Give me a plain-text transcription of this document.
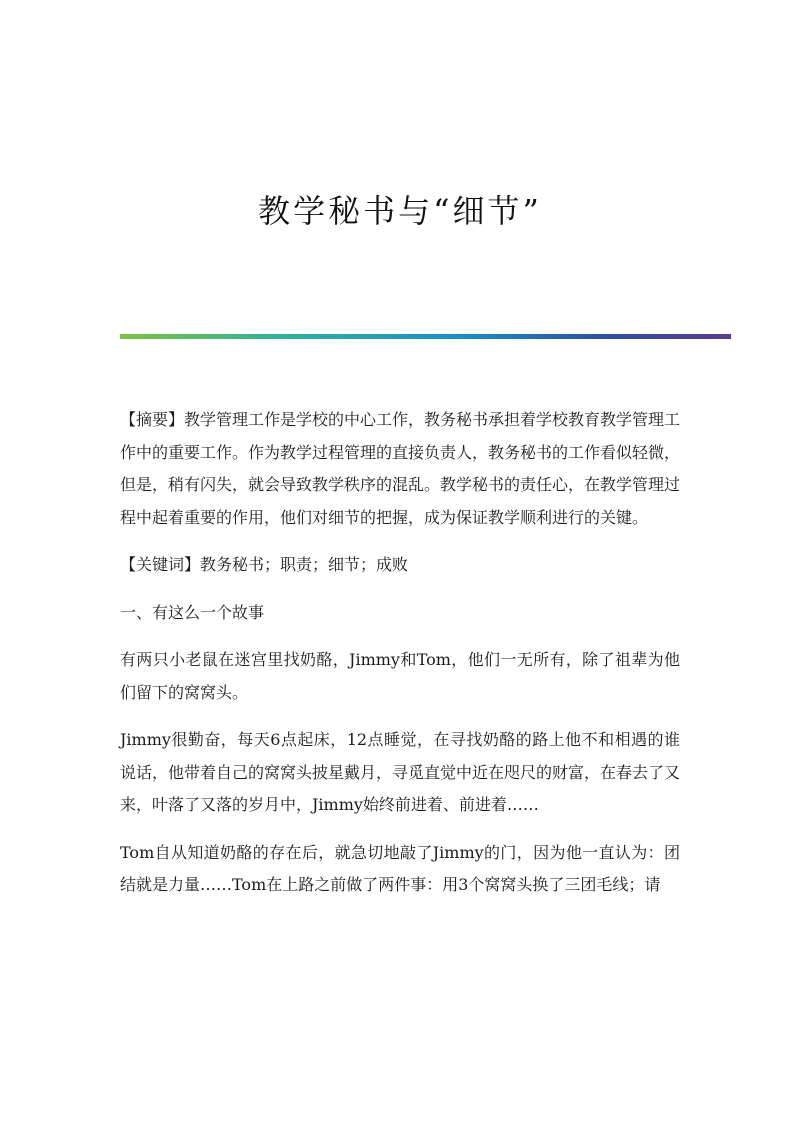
教学秘书与“细节”

【摘要】教学管理工作是学校的中心工作，教务秘书承担着学校教育教学管理工作中的重要工作。作为教学过程管理的直接负责人，教务秘书的工作看似轻微，但是，稍有闪失，就会导致教学秩序的混乱。教学秘书的责任心，在教学管理过程中起着重要的作用，他们对细节的把握，成为保证教学顺利进行的关键。

【关键词】教务秘书；职责；细节；成败

一、有这么一个故事

有两只小老鼠在迷宫里找奶酪，Jimmy和Tom，他们一无所有，除了祖辈为他们留下的窝窝头。

Jimmy很勤奋，每天6点起床，12点睡觉，在寻找奶酪的路上他不和相遇的谁说话，他带着自己的窝窝头披星戴月，寻觅直觉中近在咫尺的财富，在春去了又来，叶落了又落的岁月中，Jimmy始终前进着、前进着……

Tom自从知道奶酪的存在后，就急切地敲了Jimmy的门，因为他一直认为：团结就是力量……Tom在上路之前做了两件事：用3个窝窝头换了三团毛线；请
